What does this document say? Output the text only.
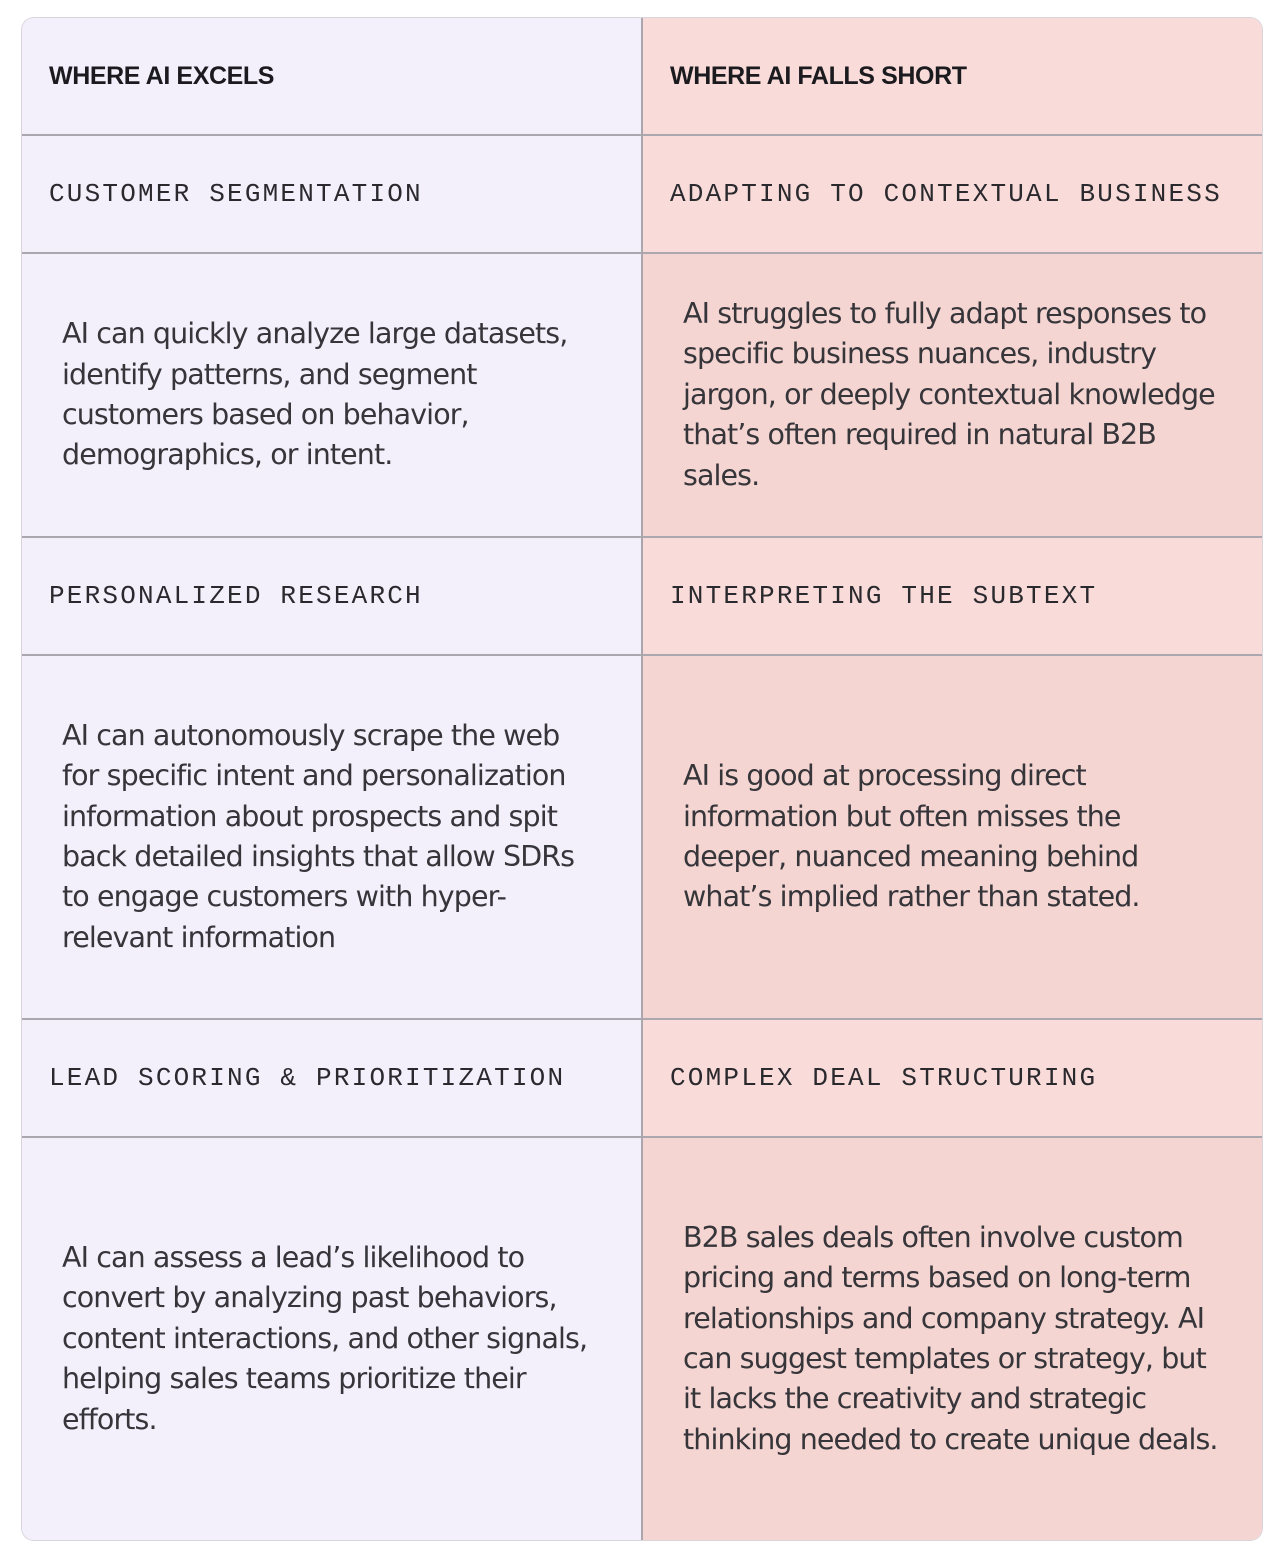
WHERE AI EXCELS
CUSTOMER SEGMENTATION

AI can quickly analyze large datasets, identify patterns, and segment customers based on behavior, demographics, or intent.

PERSONALIZED RESEARCH

AI can autonomously scrape the web for specific intent and personalization information about prospects and spit back detailed insights that allow SDRs to engage customers with hyper-relevant information

LEAD SCORING & PRIORITIZATION

AI can assess a lead’s likelihood to convert by analyzing past behaviors, content interactions, and other signals, helping sales teams prioritize their efforts.

WHERE AI FALLS SHORT
ADAPTING TO CONTEXTUAL BUSINESS

AI struggles to fully adapt responses to specific business nuances, industry jargon, or deeply contextual knowledge that’s often required in natural B2B sales.

INTERPRETING THE SUBTEXT

AI is good at processing direct information but often misses the deeper, nuanced meaning behind what’s implied rather than stated.

COMPLEX DEAL STRUCTURING

B2B sales deals often involve custom pricing and terms based on long-term relationships and company strategy. AI can suggest templates or strategy, but it lacks the creativity and strategic thinking needed to create unique deals.
